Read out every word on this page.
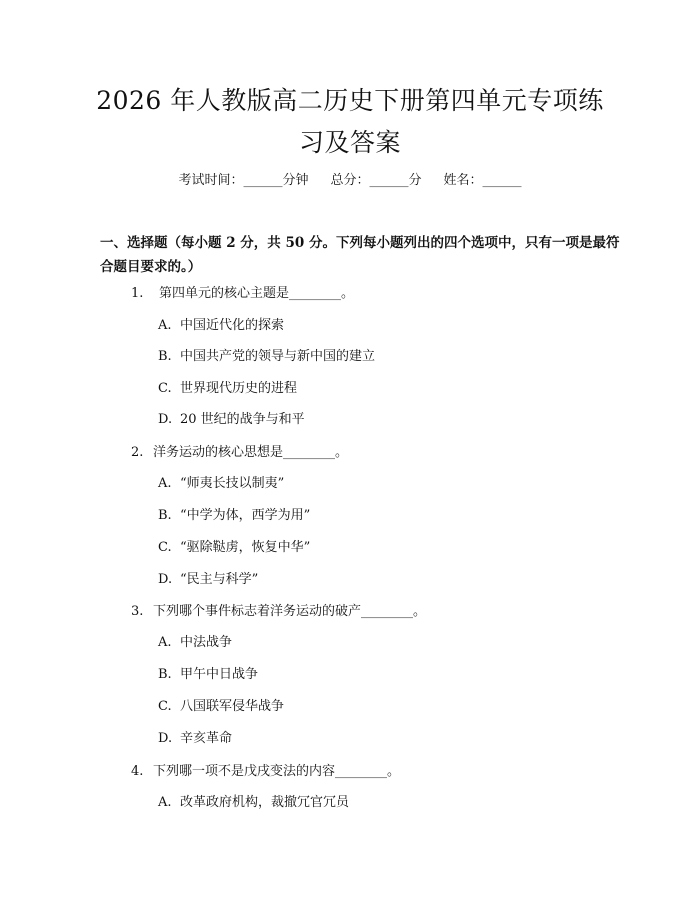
2026 年人教版高二历史下册第四单元专项练
习及答案
考试时间：______分钟 总分：______分 姓名：______
一、选择题（每小题 2 分，共 50 分。下列每小题列出的四个选项中，只有一项是最符合题目要求的。）
1. 第四单元的核心主题是________。
A. 中国近代化的探索
B. 中国共产党的领导与新中国的建立
C. 世界现代历史的进程
D. 20 世纪的战争与和平
2. 洋务运动的核心思想是________。
A. “师夷长技以制夷”
B. “中学为体，西学为用”
C. “驱除鞑虏，恢复中华”
D. “民主与科学”
3. 下列哪个事件标志着洋务运动的破产________。
A. 中法战争
B. 甲午中日战争
C. 八国联军侵华战争
D. 辛亥革命
4. 下列哪一项不是戊戌变法的内容________。
A. 改革政府机构，裁撤冗官冗员
